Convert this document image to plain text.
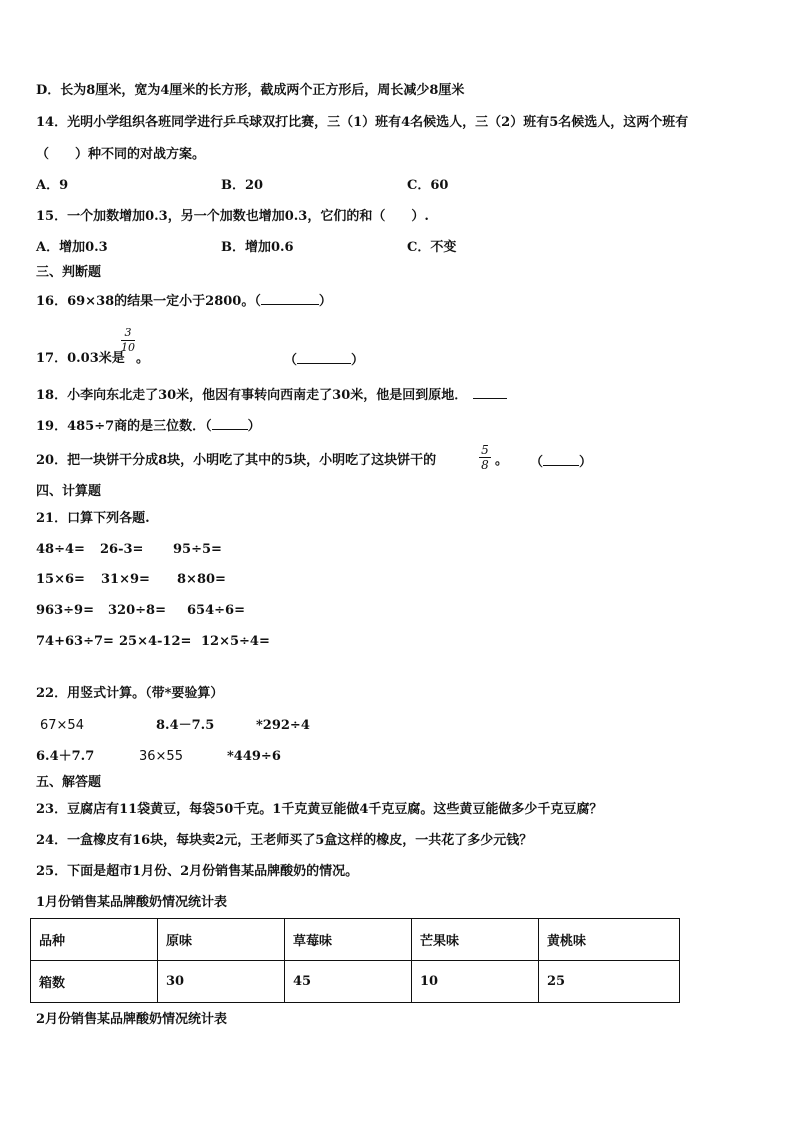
D．长为8厘米，宽为4厘米的长方形，截成两个正方形后，周长减少8厘米
14．光明小学组织各班同学进行乒乓球双打比赛，三（1）班有4名候选人，三（2）班有5名候选人，这两个班有
（　　）种不同的对战方案。
A．9	B．20	C．60
15．一个加数增加0.3，另一个加数也增加0.3，它们的和（　　）.
A．增加0.3	B．增加0.6	C．不变
三、判断题
16．69×38的结果一定小于2800。（	）
17．0.03米是
3
10
。	（	）
18．小李向东北走了30米，他因有事转向西南走了30米，他是回到原地．
19．485÷7商的是三位数．（	）
20．把一块饼干分成8块，小明吃了其中的5块，小明吃了这块饼干的
5
8 。 （	）
四、计算题
21．口算下列各题.
48÷4= 26-3= 95÷5=
15×6= 31×9= 8×80=
963÷9= 320÷8= 654÷6=
74+63÷7= 25×4-12= 12×5÷4=
22．用竖式计算。（带*要验算）
67×54	8.4－7.5	*292÷4
6.4＋7.7	36×55	*449÷6
五、解答题
23．豆腐店有11袋黄豆，每袋50千克。1千克黄豆能做4千克豆腐。这些黄豆能做多少千克豆腐？
24．一盒橡皮有16块，每块卖2元，王老师买了5盒这样的橡皮，一共花了多少元钱？
25．下面是超市1月份、2月份销售某品牌酸奶的情况。
1月份销售某品牌酸奶情况统计表
品种	原味	草莓味	芒果味	黄桃味
箱数	30	45	10	25
2月份销售某品牌酸奶情况统计表
